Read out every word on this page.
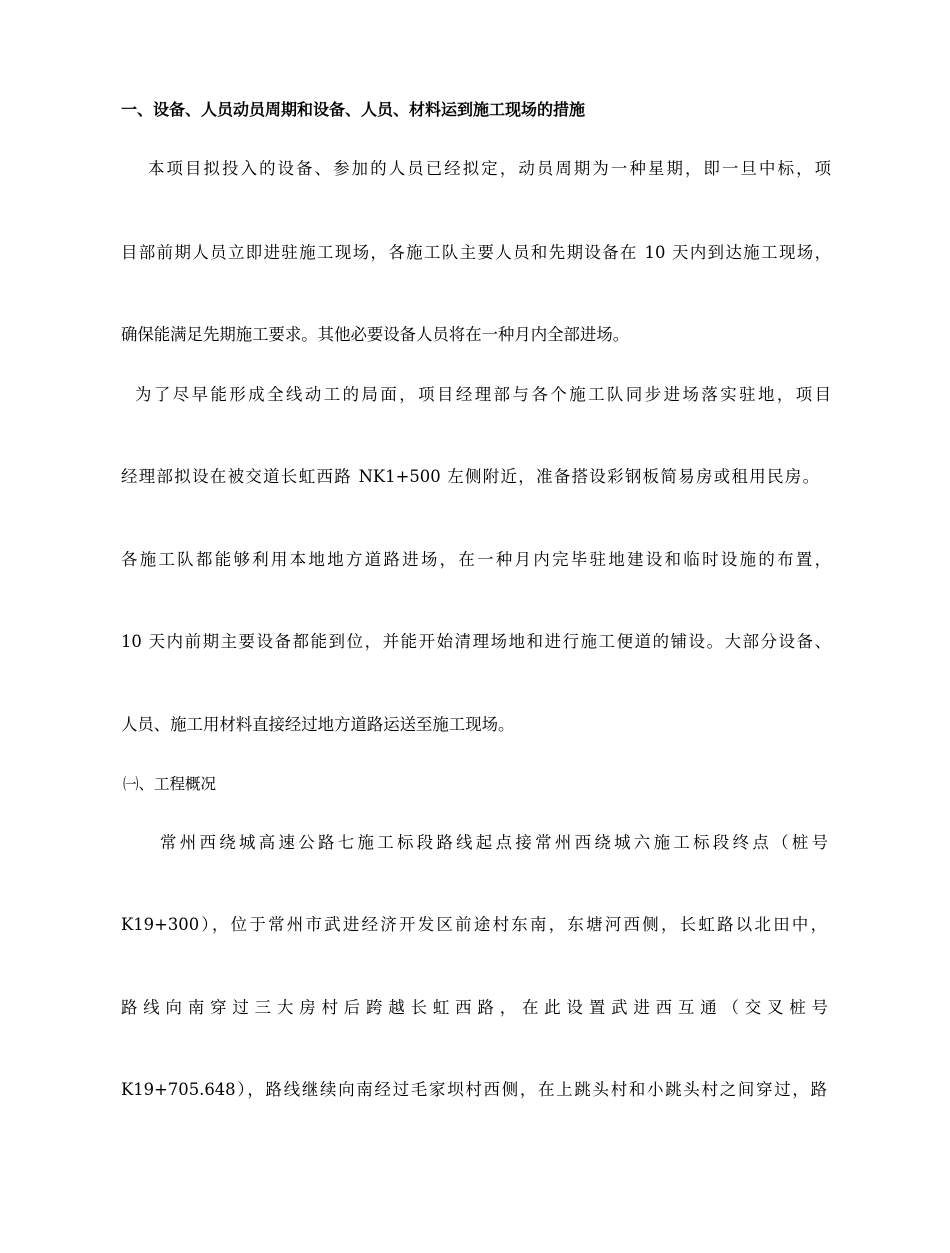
一、设备、人员动员周期和设备、人员、材料运到施工现场的措施
本项目拟投入的设备、参加的人员已经拟定，动员周期为一种星期，即一旦中标，项
目部前期人员立即进驻施工现场，各施工队主要人员和先期设备在 10 天内到达施工现场，
确保能满足先期施工要求。其他必要设备人员将在一种月内全部进场。
为了尽早能形成全线动工的局面，项目经理部与各个施工队同步进场落实驻地，项目
经理部拟设在被交道长虹西路 NK1+500 左侧附近，准备搭设彩钢板简易房或租用民房。
各施工队都能够利用本地地方道路进场，在一种月内完毕驻地建设和临时设施的布置，
10 天内前期主要设备都能到位，并能开始清理场地和进行施工便道的铺设。大部分设备、
人员、施工用材料直接经过地方道路运送至施工现场。
㈠、工程概况
常州西绕城高速公路七施工标段路线起点接常州西绕城六施工标段终点（桩号
K19+300），位于常州市武进经济开发区前途村东南，东塘河西侧，长虹路以北田中，
路线向南穿过三大房村后跨越长虹西路，在此设置武进西互通（交叉桩号
K19+705.648），路线继续向南经过毛家坝村西侧，在上跳头村和小跳头村之间穿过，路
